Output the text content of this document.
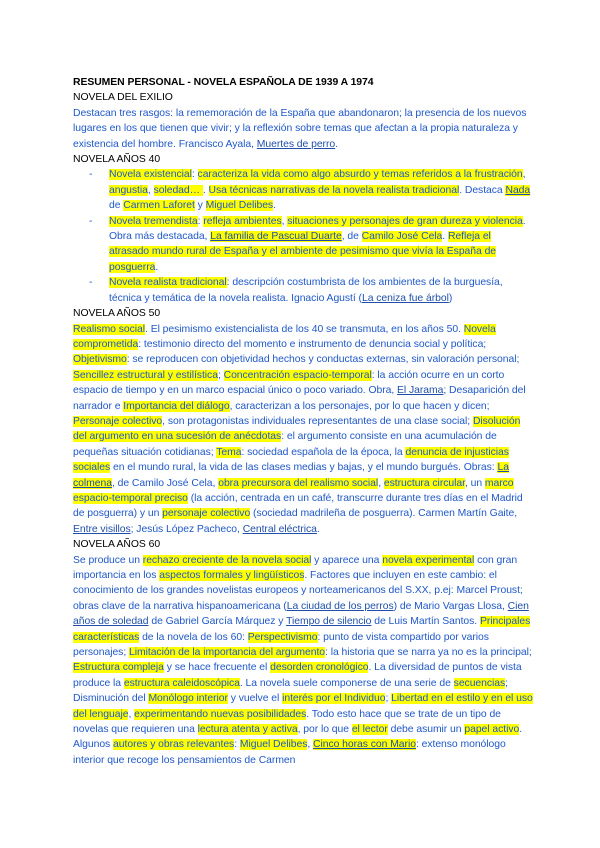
RESUMEN PERSONAL - NOVELA ESPAÑOLA DE 1939 A 1974
NOVELA DEL EXILIO

Destacan tres rasgos: la rememoración de la España que abandonaron; la presencia de los nuevos lugares en los que tienen que vivir; y la reflexión sobre temas que afectan a la propia naturaleza y existencia del hombre. Francisco Ayala, Muertes de perro.

NOVELA AÑOS 40
- Novela existencial: caracteriza la vida como algo absurdo y temas referidos a la frustración, angustia, soledad… . Usa técnicas narrativas de la novela realista tradicional. Destaca Nada de Carmen Laforet y Miguel Delibes.
- Novela tremendista: refleja ambientes, situaciones y personajes de gran dureza y violencia. Obra más destacada, La familia de Pascual Duarte, de Camilo José Cela. Refleja el atrasado mundo rural de España y el ambiente de pesimismo que vivía la España de posguerra.
- Novela realista tradicional: descripción costumbrista de los ambientes de la burguesía, técnica y temática de la novela realista. Ignacio Agustí (La ceniza fue árbol)
NOVELA AÑOS 50

Realismo social. El pesimismo existencialista de los 40 se transmuta, en los años 50. Novela comprometida: testimonio directo del momento e instrumento de denuncia social y política; Objetivismo: se reproducen con objetividad hechos y conductas externas, sin valoración personal; Sencillez estructural y estilística; Concentración espacio-temporal: la acción ocurre en un corto espacio de tiempo y en un marco espacial único o poco variado. Obra, El Jarama; Desaparición del narrador e Importancia del diálogo, caracterizan a los personajes, por lo que hacen y dicen; Personaje colectivo, son protagonistas individuales representantes de una clase social; Disolución del argumento en una sucesión de anécdotas: el argumento consiste en una acumulación de pequeñas situación cotidianas; Tema: sociedad española de la época, la denuncia de injusticias sociales en el mundo rural, la vida de las clases medias y bajas, y el mundo burgués. Obras: La colmena, de Camilo José Cela, obra precursora del realismo social, estructura circular, un marco espacio-temporal preciso (la acción, centrada en un café, transcurre durante tres días en el Madrid de posguerra) y un personaje colectivo (sociedad madrileña de posguerra). Carmen Martín Gaite, Entre visillos; Jesús López Pacheco, Central eléctrica.

NOVELA AÑOS 60

Se produce un rechazo creciente de la novela social y aparece una novela experimental con gran importancia en los aspectos formales y lingüísticos. Factores que incluyen en este cambio: el conocimiento de los grandes novelistas europeos y norteamericanos del S.XX, p.ej: Marcel Proust; obras clave de la narrativa hispanoamericana (La ciudad de los perros) de Mario Vargas Llosa, Cien años de soledad de Gabriel García Márquez y Tiempo de silencio de Luis Martín Santos. Principales características de la novela de los 60: Perspectivismo: punto de vista compartido por varios personajes; Limitación de la importancia del argumento: la historia que se narra ya no es la principal; Estructura compleja y se hace frecuente el desorden cronológico. La diversidad de puntos de vista produce la estructura caleidoscópica. La novela suele componerse de una serie de secuencias; Disminución del Monólogo interior y vuelve el interés por el Individuo; Libertad en el estilo y en el uso del lenguaje, experimentando nuevas posibilidades. Todo esto hace que se trate de un tipo de novelas que requieren una lectura atenta y activa, por lo que el lector debe asumir un papel activo. Algunos autores y obras relevantes: Miguel Delibes, Cinco horas con Mario: extenso monólogo interior que recoge los pensamientos de Carmen
